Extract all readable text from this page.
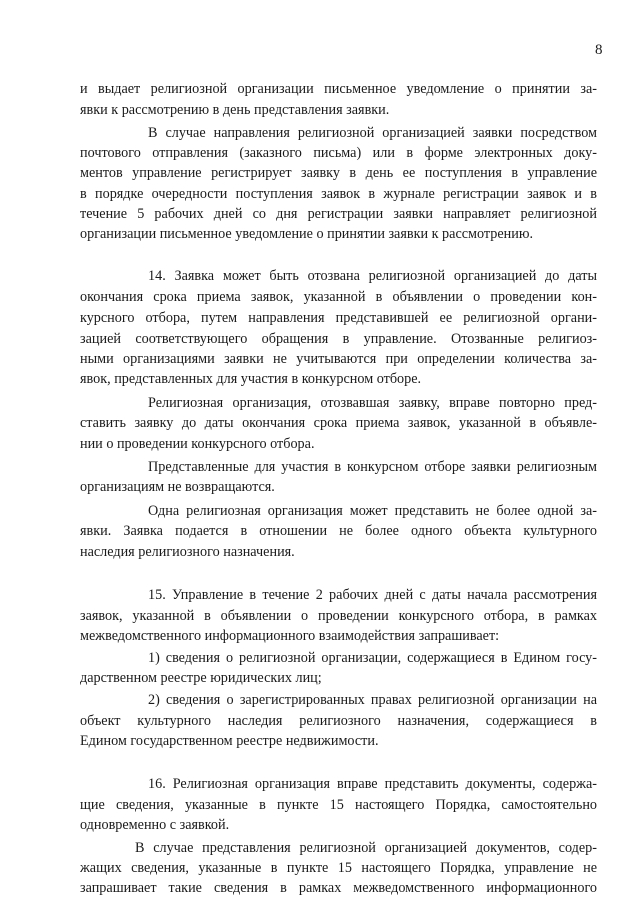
8
и выдает религиозной организации письменное уведомление о принятии за-
явки к рассмотрению в день представления заявки.
В случае направления религиозной организацией заявки посредством
почтового отправления (заказного письма) или в форме электронных доку-
ментов управление регистрирует заявку в день ее поступления в управление
в порядке очередности поступления заявок в журнале регистрации заявок и в
течение 5 рабочих дней со дня регистрации заявки направляет религиозной
организации письменное уведомление о принятии заявки к рассмотрению.
14. Заявка может быть отозвана религиозной организацией до даты
окончания срока приема заявок, указанной в объявлении о проведении кон-
курсного отбора, путем направления представившей ее религиозной органи-
зацией соответствующего обращения в управление. Отозванные религиоз-
ными организациями заявки не учитываются при определении количества за-
явок, представленных для участия в конкурсном отборе.
Религиозная организация, отозвавшая заявку, вправе повторно пред-
ставить заявку до даты окончания срока приема заявок, указанной в объявле-
нии о проведении конкурсного отбора.
Представленные для участия в конкурсном отборе заявки религиозным
организациям не возвращаются.
Одна религиозная организация может представить не более одной за-
явки. Заявка подается в отношении не более одного объекта культурного
наследия религиозного назначения.
15. Управление в течение 2 рабочих дней с даты начала рассмотрения
заявок, указанной в объявлении о проведении конкурсного отбора, в рамках
межведомственного информационного взаимодействия запрашивает:
1) сведения о религиозной организации, содержащиеся в Едином госу-
дарственном реестре юридических лиц;
2) сведения о зарегистрированных правах религиозной организации на
объект культурного наследия религиозного назначения, содержащиеся в
Едином государственном реестре недвижимости.
16. Религиозная организация вправе представить документы, содержа-
щие сведения, указанные в пункте 15 настоящего Порядка, самостоятельно
одновременно с заявкой.
В случае представления религиозной организацией документов, содер-
жащих сведения, указанные в пункте 15 настоящего Порядка, управление не
запрашивает такие сведения в рамках межведомственного информационного
